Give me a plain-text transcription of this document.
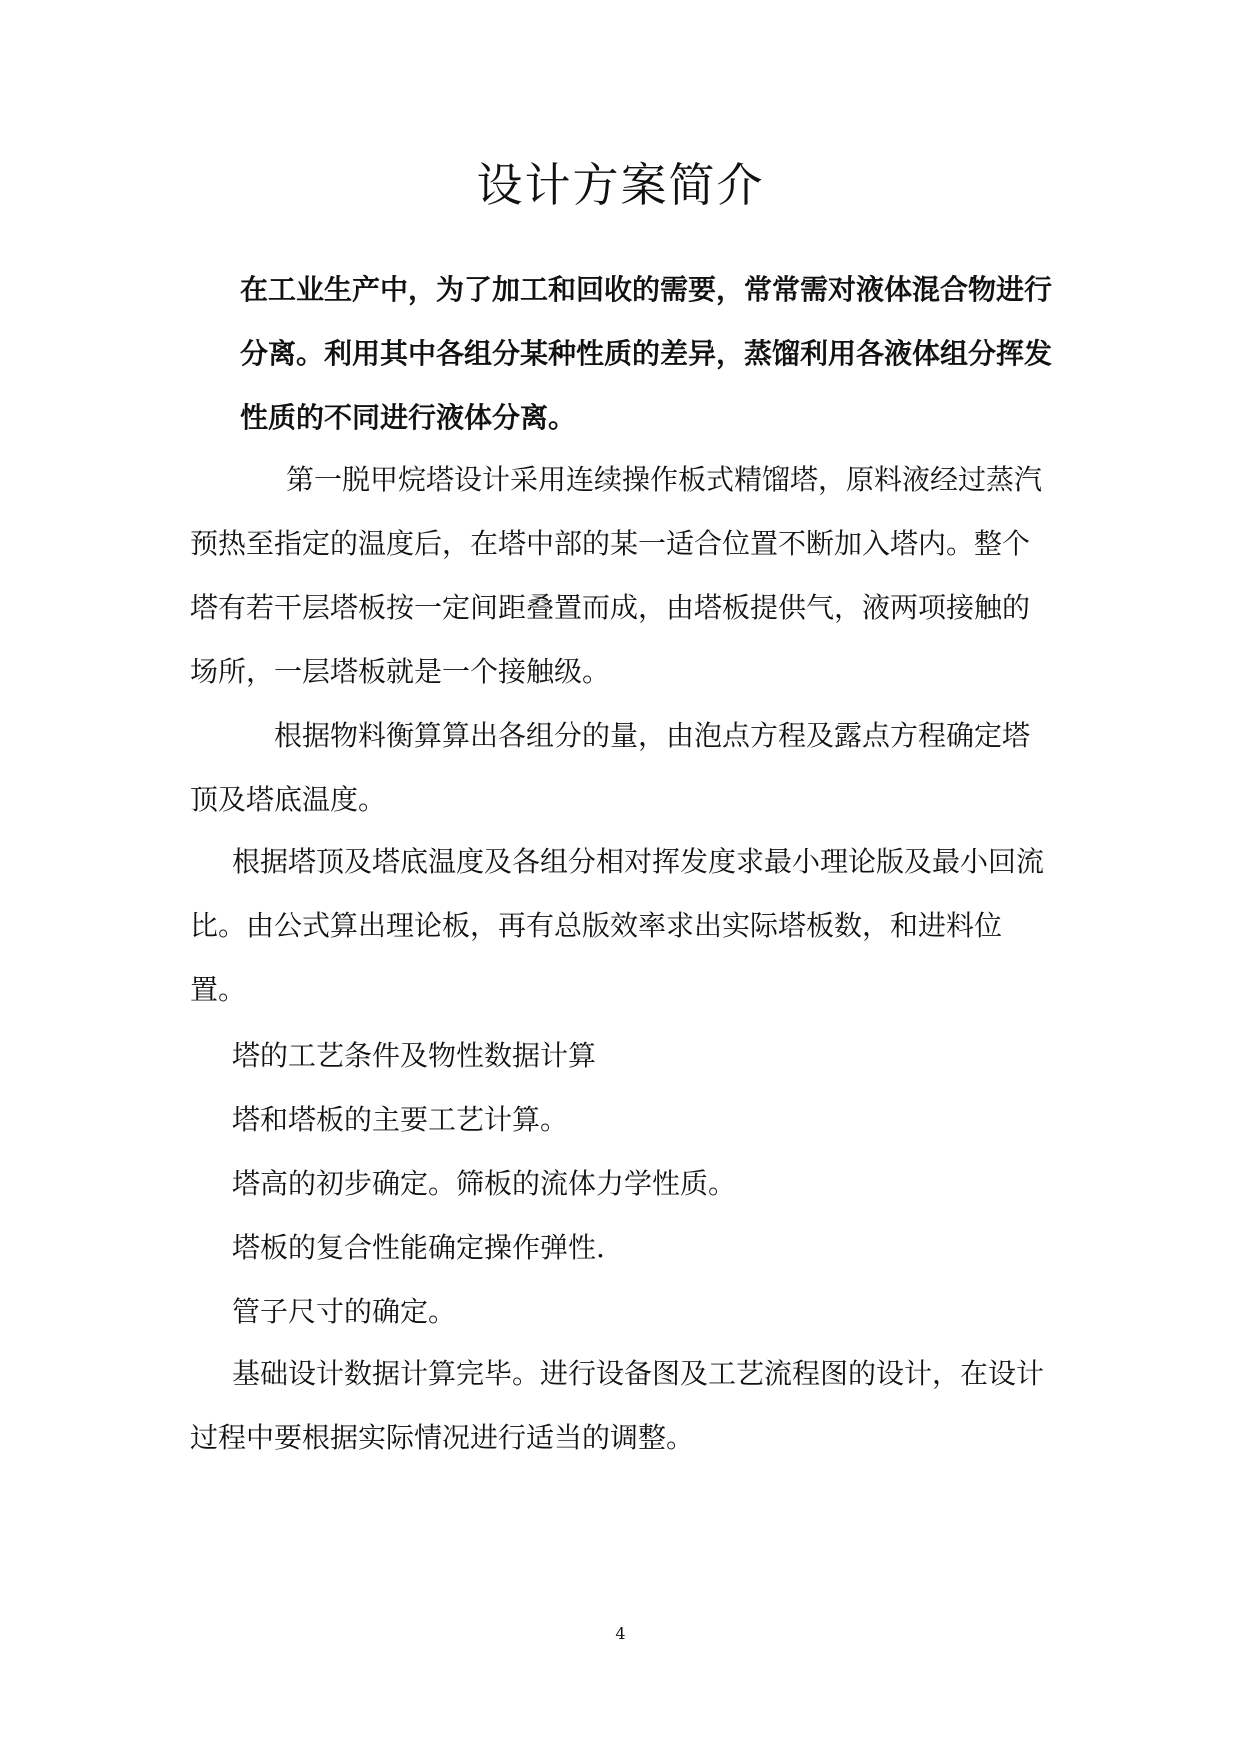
设计方案简介
在工业生产中，为了加工和回收的需要，常常需对液体混合物进行分离。利用其中各组分某种性质的差异，蒸馏利用各液体组分挥发性质的不同进行液体分离。
第一脱甲烷塔设计采用连续操作板式精馏塔，原料液经过蒸汽预热至指定的温度后，在塔中部的某一适合位置不断加入塔内。整个塔有若干层塔板按一定间距叠置而成，由塔板提供气，液两项接触的场所，一层塔板就是一个接触级。
根据物料衡算算出各组分的量，由泡点方程及露点方程确定塔顶及塔底温度。
根据塔顶及塔底温度及各组分相对挥发度求最小理论版及最小回流比。由公式算出理论板，再有总版效率求出实际塔板数，和进料位置。
塔的工艺条件及物性数据计算
塔和塔板的主要工艺计算。
塔高的初步确定。筛板的流体力学性质。
塔板的复合性能确定操作弹性.
管子尺寸的确定。
基础设计数据计算完毕。进行设备图及工艺流程图的设计，在设计过程中要根据实际情况进行适当的调整。
4
